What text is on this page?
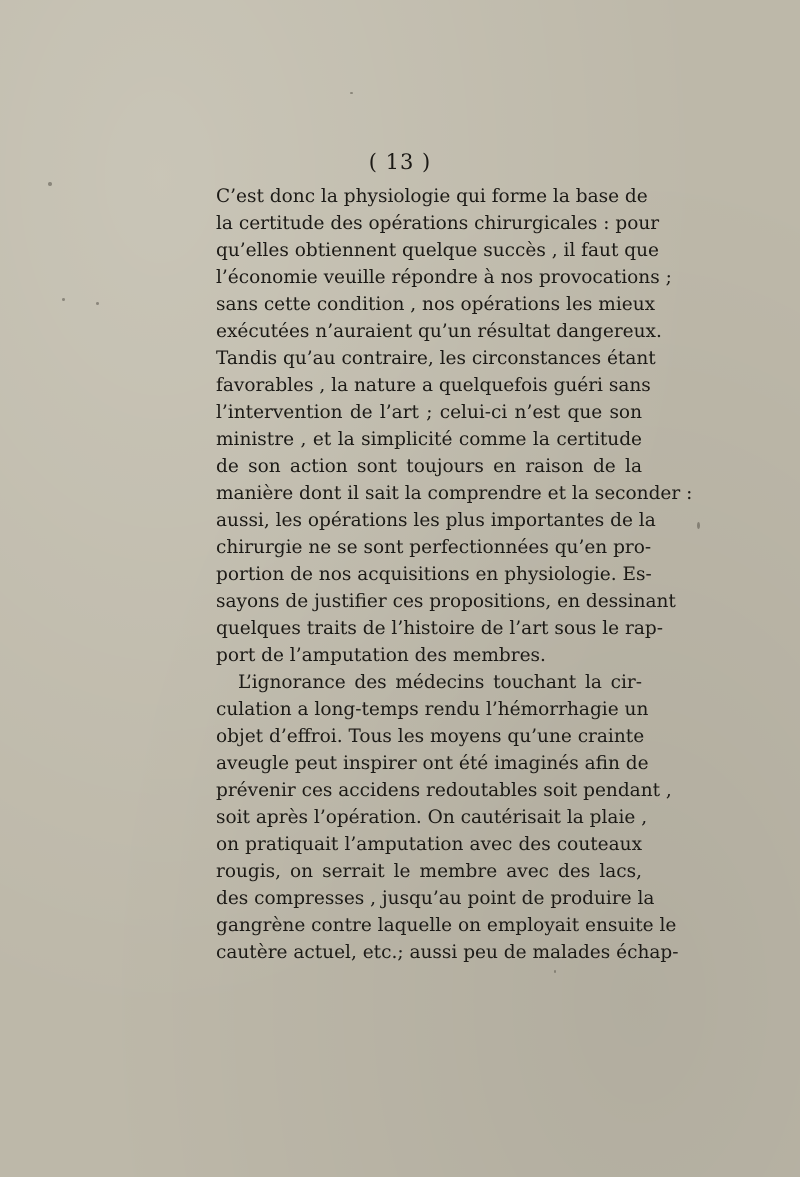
( 13 )
C’est donc la physiologie qui forme la base de
la certitude des opérations chirurgicales : pour
qu’elles obtiennent quelque succès , il faut que
l’économie veuille répondre à nos provocations ;
sans cette condition , nos opérations les mieux
exécutées n’auraient qu’un résultat dangereux.
Tandis qu’au contraire, les circonstances étant
favorables , la nature a quelquefois guéri sans
l’intervention de l’art ; celui-ci n’est que son
ministre , et la simplicité comme la certitude
de son action sont toujours en raison de la
manière dont il sait la comprendre et la seconder :
aussi, les opérations les plus importantes de la
chirurgie ne se sont perfectionnées qu’en pro-
portion de nos acquisitions en physiologie. Es-
sayons de justifier ces propositions, en dessinant
quelques traits de l’histoire de l’art sous le rap-
port de l’amputation des membres.
L’ignorance des médecins touchant la cir-
culation a long-temps rendu l’hémorrhagie un
objet d’effroi. Tous les moyens qu’une crainte
aveugle peut inspirer ont été imaginés afin de
prévenir ces accidens redoutables soit pendant ,
soit après l’opération. On cautérisait la plaie ,
on pratiquait l’amputation avec des couteaux
rougis, on serrait le membre avec des lacs,
des compresses , jusqu’au point de produire la
gangrène contre laquelle on employait ensuite le
cautère actuel, etc.; aussi peu de malades échap-
